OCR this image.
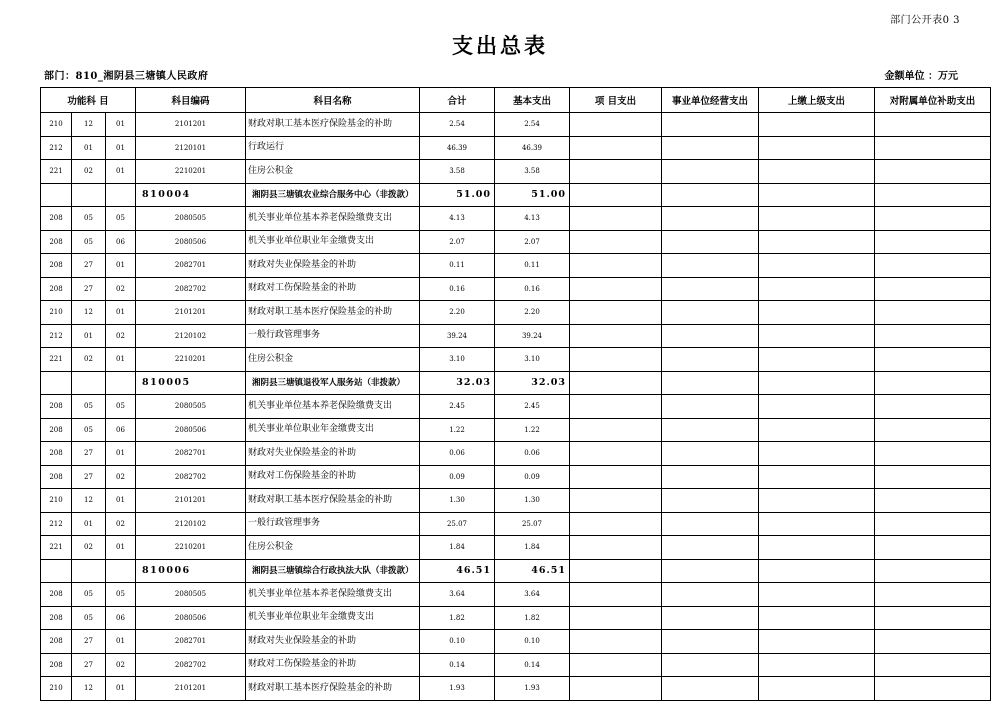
部门公开表0 3
支出总表
部门：810_湘阴县三塘镇人民政府	金额单位 ：万元
功能科 目			科目编码	科目名称	合计	基本支出	项 目支出	事业单位经营支出	上缴上级支出	对附属单位补助支出
210	12	01	2101201	财政对职工基本医疗保险基金的补助	2.54	2.54				
212	01	01	2120101	行政运行	46.39	46.39				
221	02	01	2210201	住房公积金	3.58	3.58				
			810004	湘阴县三塘镇农业综合服务中心（非拨款）	51.00	51.00				
208	05	05	2080505	机关事业单位基本养老保险缴费支出	4.13	4.13				
208	05	06	2080506	机关事业单位职业年金缴费支出	2.07	2.07				
208	27	01	2082701	财政对失业保险基金的补助	0.11	0.11				
208	27	02	2082702	财政对工伤保险基金的补助	0.16	0.16				
210	12	01	2101201	财政对职工基本医疗保险基金的补助	2.20	2.20				
212	01	02	2120102	一般行政管理事务	39.24	39.24				
221	02	01	2210201	住房公积金	3.10	3.10				
			810005	湘阴县三塘镇退役军人服务站（非拨款）	32.03	32.03				
208	05	05	2080505	机关事业单位基本养老保险缴费支出	2.45	2.45				
208	05	06	2080506	机关事业单位职业年金缴费支出	1.22	1.22				
208	27	01	2082701	财政对失业保险基金的补助	0.06	0.06				
208	27	02	2082702	财政对工伤保险基金的补助	0.09	0.09				
210	12	01	2101201	财政对职工基本医疗保险基金的补助	1.30	1.30				
212	01	02	2120102	一般行政管理事务	25.07	25.07				
221	02	01	2210201	住房公积金	1.84	1.84				
			810006	湘阴县三塘镇综合行政执法大队（非拨款）	46.51	46.51				
208	05	05	2080505	机关事业单位基本养老保险缴费支出	3.64	3.64				
208	05	06	2080506	机关事业单位职业年金缴费支出	1.82	1.82				
208	27	01	2082701	财政对失业保险基金的补助	0.10	0.10				
208	27	02	2082702	财政对工伤保险基金的补助	0.14	0.14				
210	12	01	2101201	财政对职工基本医疗保险基金的补助	1.93	1.93				
